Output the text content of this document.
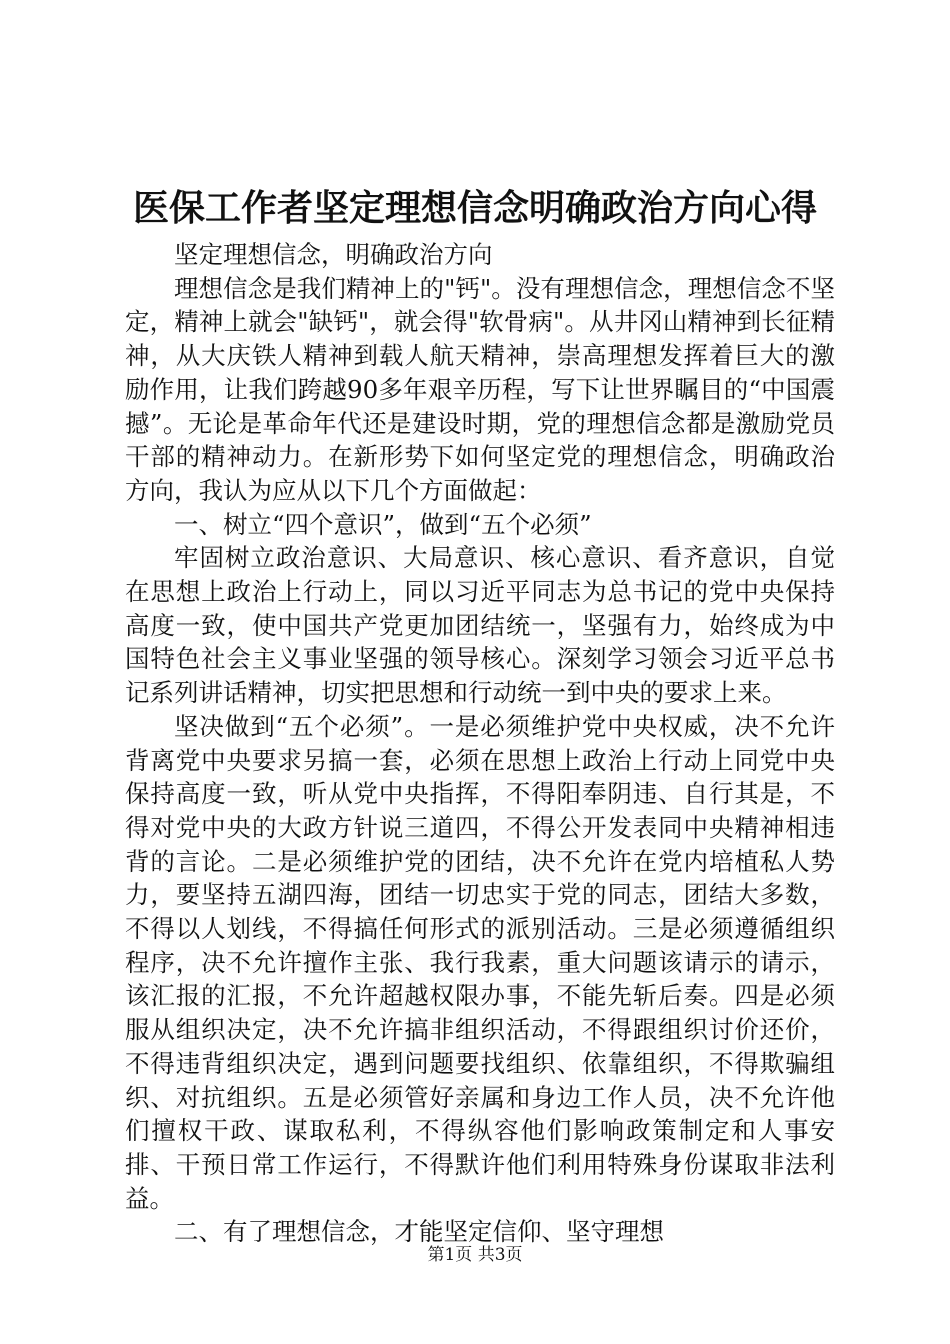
医保工作者坚定理想信念明确政治方向心得

坚定理想信念，明确政治方向

理想信念是我们精神上的"钙"。没有理想信念，理想信念不坚定，精神上就会"缺钙"，就会得"软骨病"。从井冈山精神到长征精神，从大庆铁人精神到载人航天精神，崇高理想发挥着巨大的激励作用，让我们跨越90多年艰辛历程，写下让世界瞩目的“中国震撼”。无论是革命年代还是建设时期，党的理想信念都是激励党员干部的精神动力。在新形势下如何坚定党的理想信念，明确政治方向，我认为应从以下几个方面做起：

一、树立“四个意识”，做到“五个必须”

牢固树立政治意识、大局意识、核心意识、看齐意识，自觉在思想上政治上行动上，同以习近平同志为总书记的党中央保持高度一致，使中国共产党更加团结统一，坚强有力，始终成为中国特色社会主义事业坚强的领导核心。深刻学习领会习近平总书记系列讲话精神，切实把思想和行动统一到中央的要求上来。

坚决做到“五个必须”。一是必须维护党中央权威，决不允许背离党中央要求另搞一套，必须在思想上政治上行动上同党中央保持高度一致，听从党中央指挥，不得阳奉阴违、自行其是，不得对党中央的大政方针说三道四，不得公开发表同中央精神相违背的言论。二是必须维护党的团结，决不允许在党内培植私人势力，要坚持五湖四海，团结一切忠实于党的同志，团结大多数，不得以人划线，不得搞任何形式的派别活动。三是必须遵循组织程序，决不允许擅作主张、我行我素，重大问题该请示的请示，该汇报的汇报，不允许超越权限办事，不能先斩后奏。四是必须服从组织决定，决不允许搞非组织活动，不得跟组织讨价还价，不得违背组织决定，遇到问题要找组织、依靠组织，不得欺骗组织、对抗组织。五是必须管好亲属和身边工作人员，决不允许他们擅权干政、谋取私利，不得纵容他们影响政策制定和人事安排、干预日常工作运行，不得默许他们利用特殊身份谋取非法利益。

二、有了理想信念，才能坚定信仰、坚守理想

第1页 共3页
